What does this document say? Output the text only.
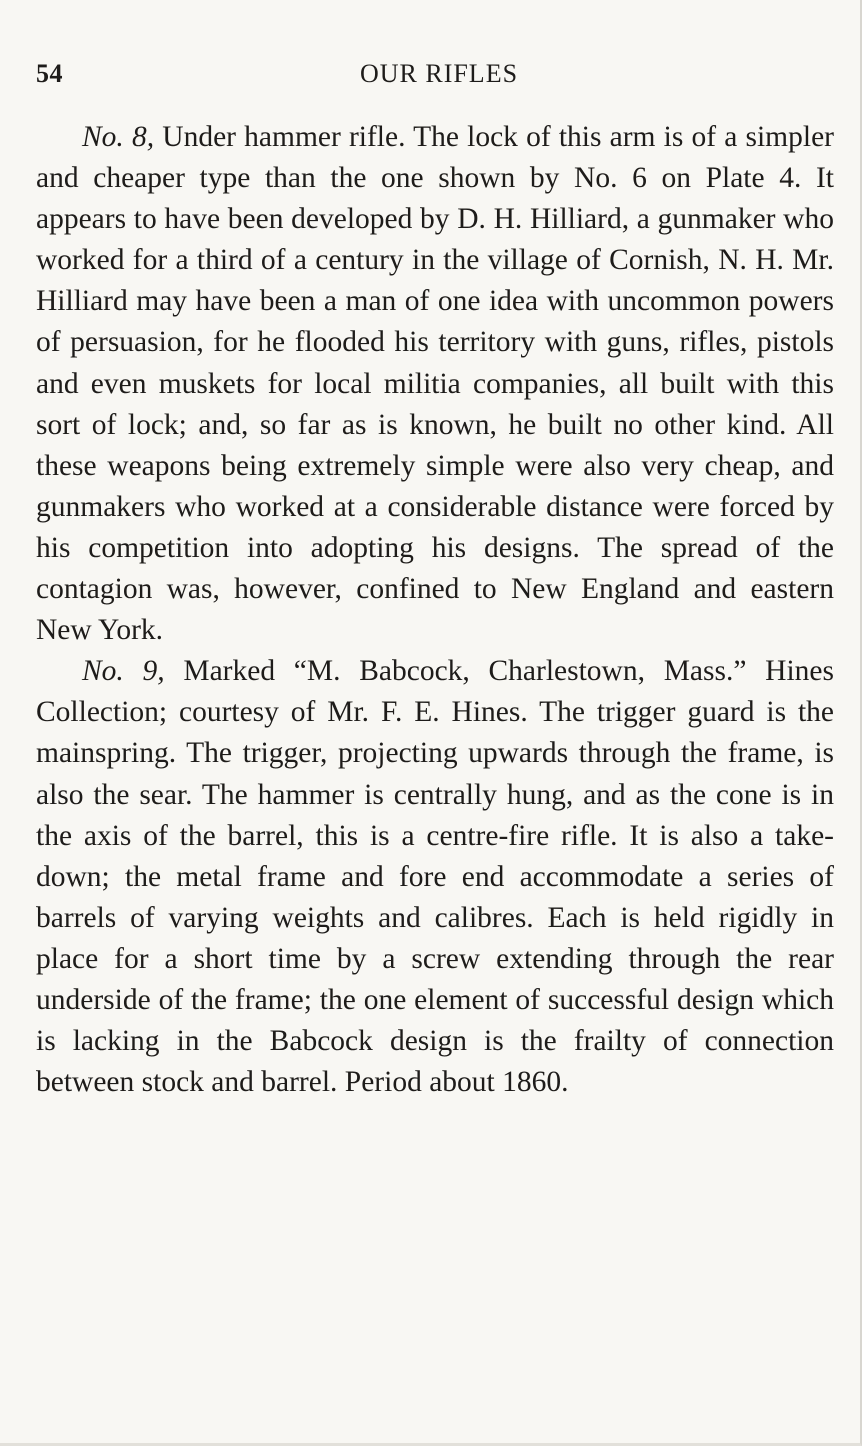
54	OUR RIFLES

No. 8, Under hammer rifle. The lock of this arm is of a simpler and cheaper type than the one shown by No. 6 on Plate 4. It appears to have been developed by D. H. Hilliard, a gunmaker who worked for a third of a century in the village of Cornish, N. H. Mr. Hilliard may have been a man of one idea with uncommon powers of persuasion, for he flooded his territory with guns, rifles, pistols and even muskets for local militia companies, all built with this sort of lock; and, so far as is known, he built no other kind. All these weapons being extremely simple were also very cheap, and gunmakers who worked at a considerable distance were forced by his competition into adopting his designs. The spread of the contagion was, however, confined to New England and eastern New York.

No. 9, Marked “M. Babcock, Charlestown, Mass.” Hines Collection; courtesy of Mr. F. E. Hines. The trigger guard is the mainspring. The trigger, projecting upwards through the frame, is also the sear. The hammer is centrally hung, and as the cone is in the axis of the barrel, this is a centre-​fire rifle. It is also a take-down; the metal frame and fore end accommodate a series of barrels of varying weights and calibres. Each is held rigidly in place for a short time by a screw extending through the rear underside of the frame; the one element of successful design which is lacking in the Babcock design is the frailty of connection between stock and barrel. Period about 1860.
